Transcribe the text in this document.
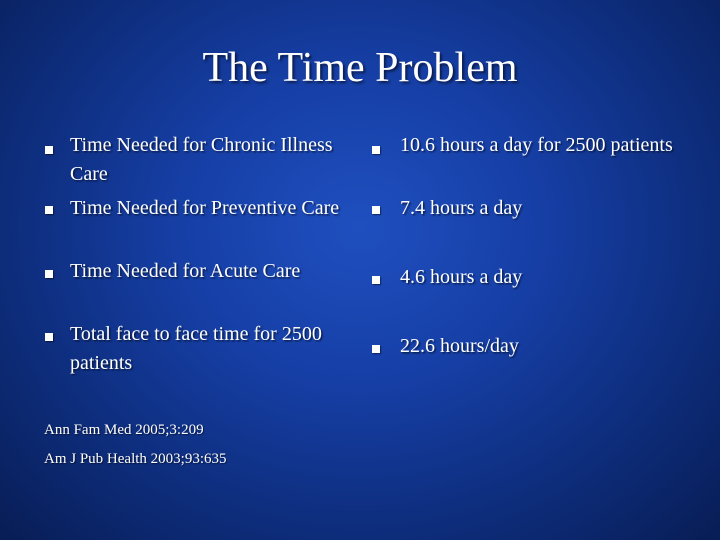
The Time Problem
Time Needed for Chronic Illness Care
Time Needed for Preventive Care
Time Needed for Acute Care
Total face to face time for 2500 patients
10.6 hours a day for 2500 patients
7.4 hours a day
4.6 hours a day
22.6 hours/day
Ann Fam Med 2005;3:209
Am J Pub Health 2003;93:635
